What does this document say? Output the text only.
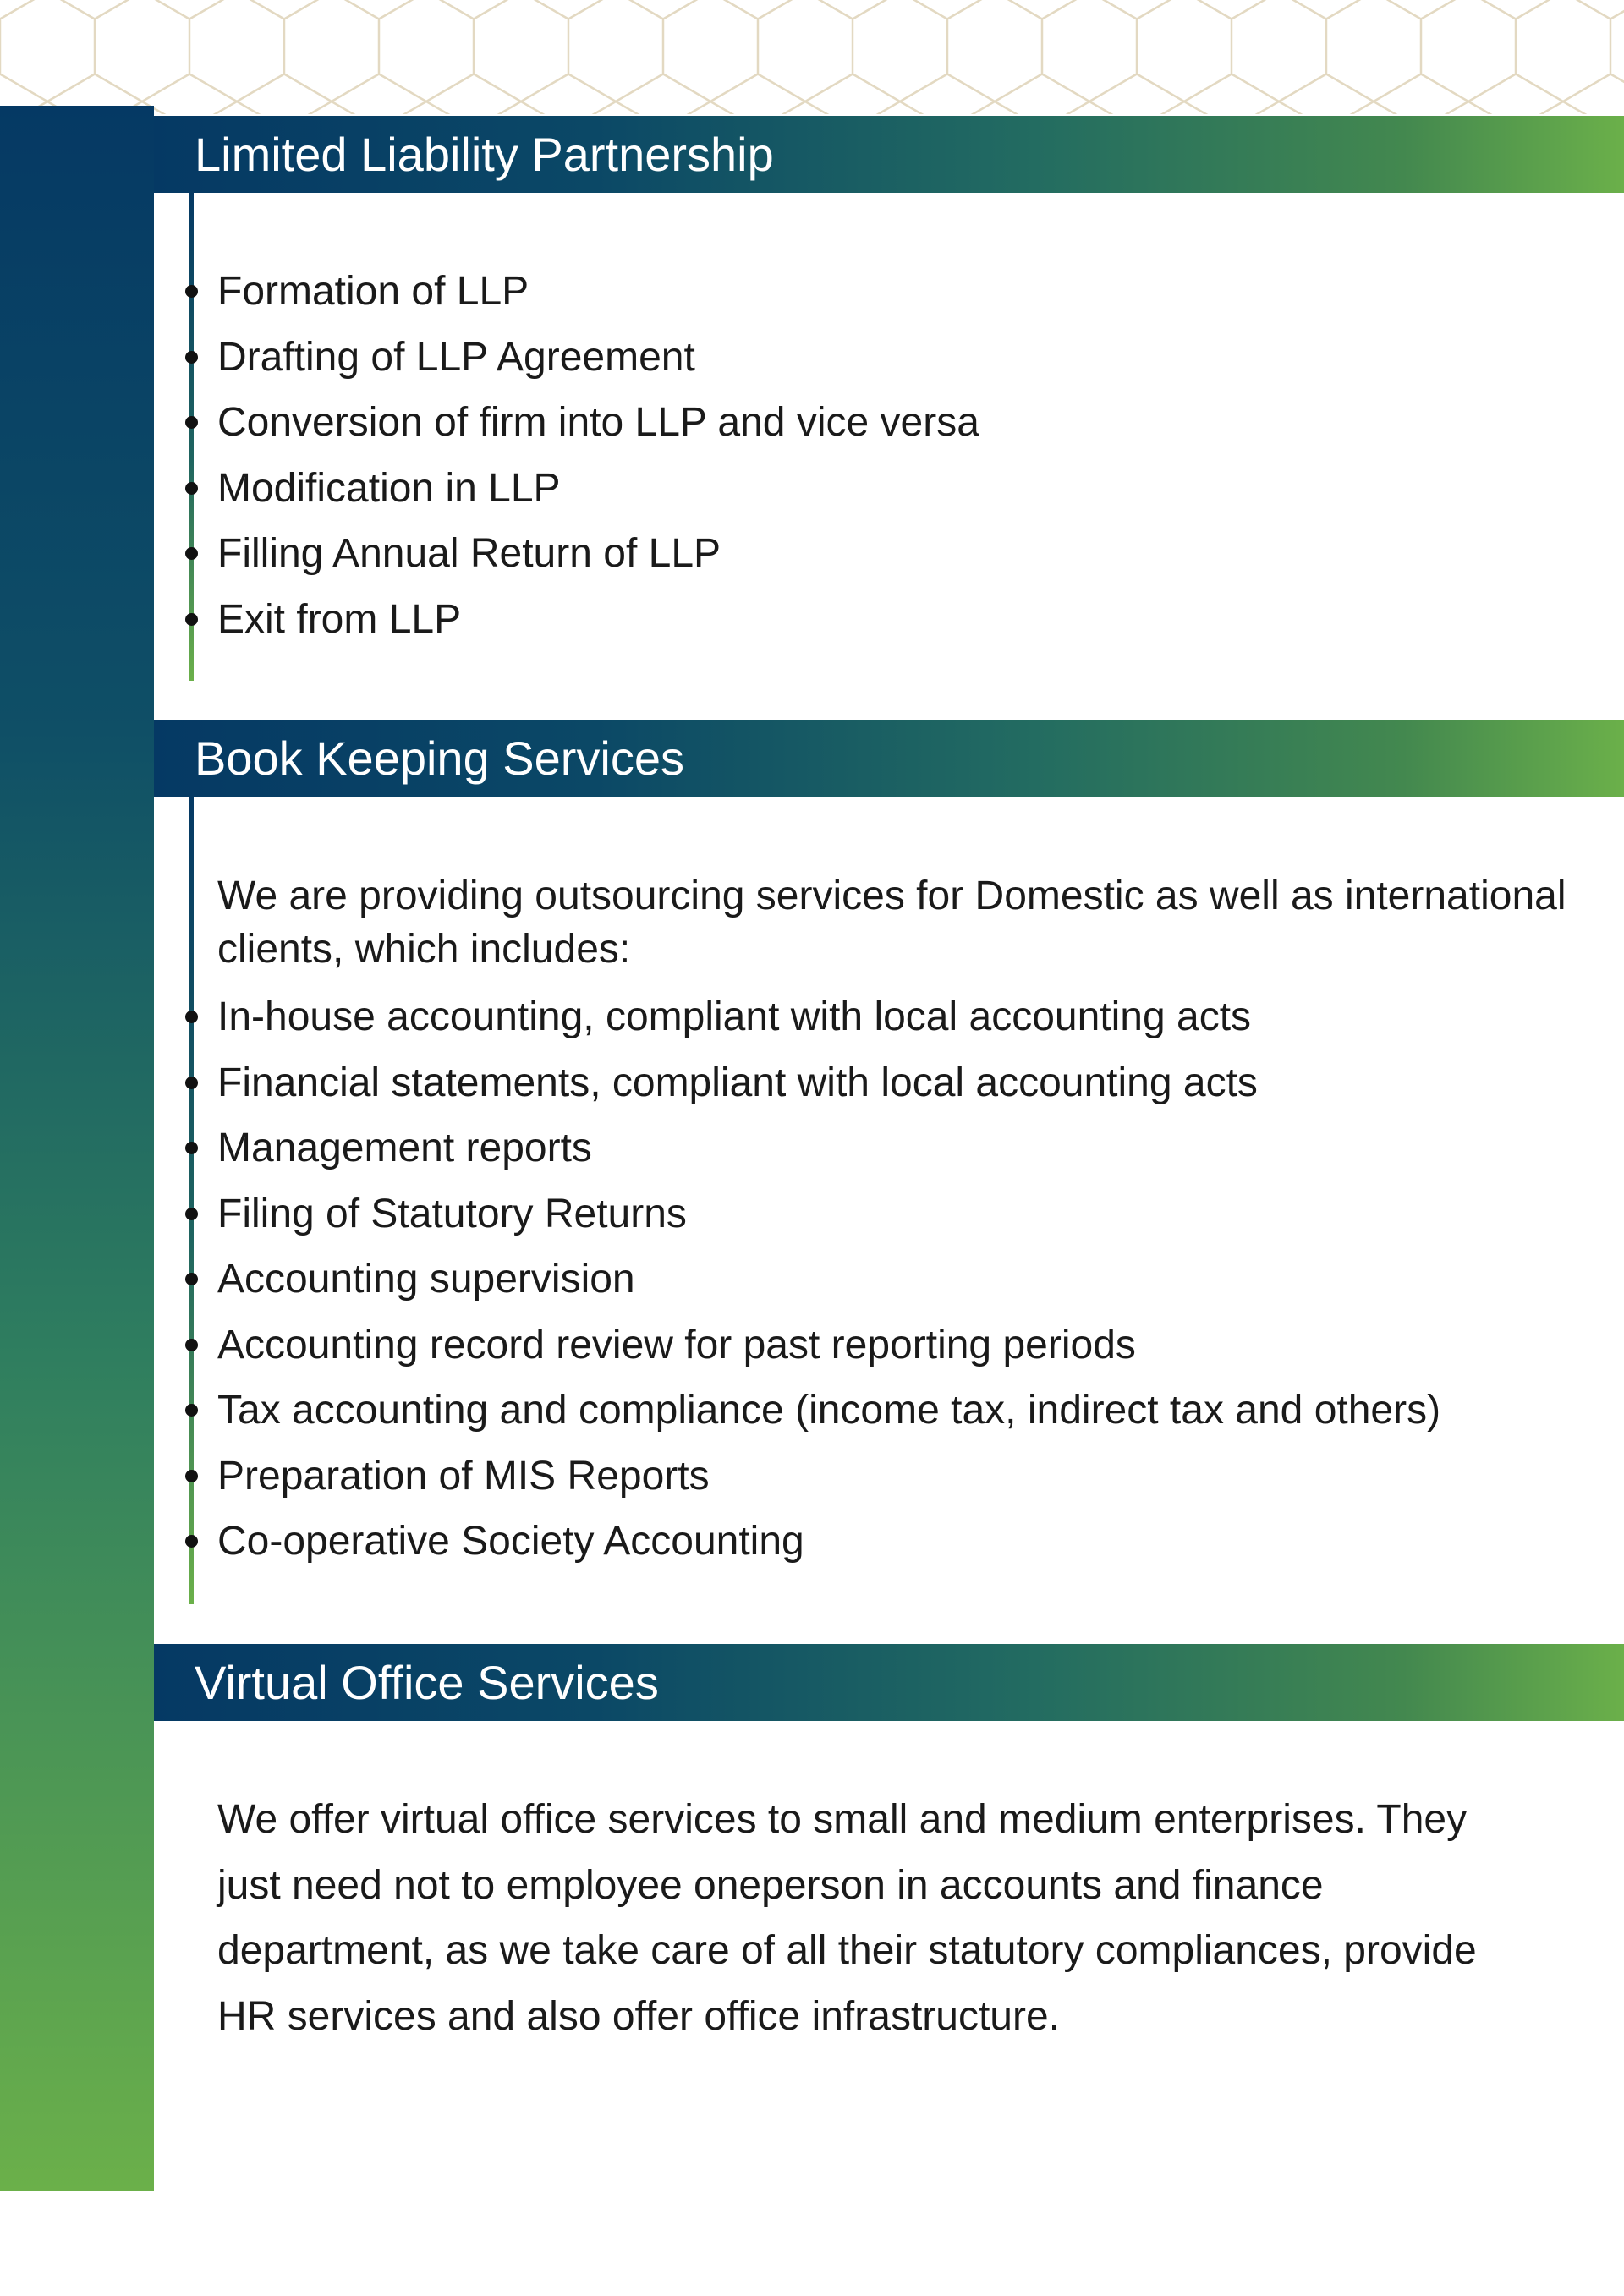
Limited Liability Partnership
Formation of LLP
Drafting of LLP Agreement
Conversion of firm into LLP and vice versa
Modification in LLP
Filling Annual Return of LLP
Exit from LLP
Book Keeping Services

We are providing outsourcing services for Domestic as well as international clients, which includes:

In-house accounting, compliant with local accounting acts
Financial statements, compliant with local accounting acts
Management reports
Filing of Statutory Returns
Accounting supervision
Accounting record review for past reporting periods
Tax accounting and compliance (income tax, indirect tax and others)
Preparation of MIS Reports
Co-operative Society Accounting
Virtual Office Services

We offer virtual office services to small and medium enterprises. They just need not to employee oneperson in accounts and finance department, as we take care of all their statutory compliances, provide HR services and also offer office infrastructure.
